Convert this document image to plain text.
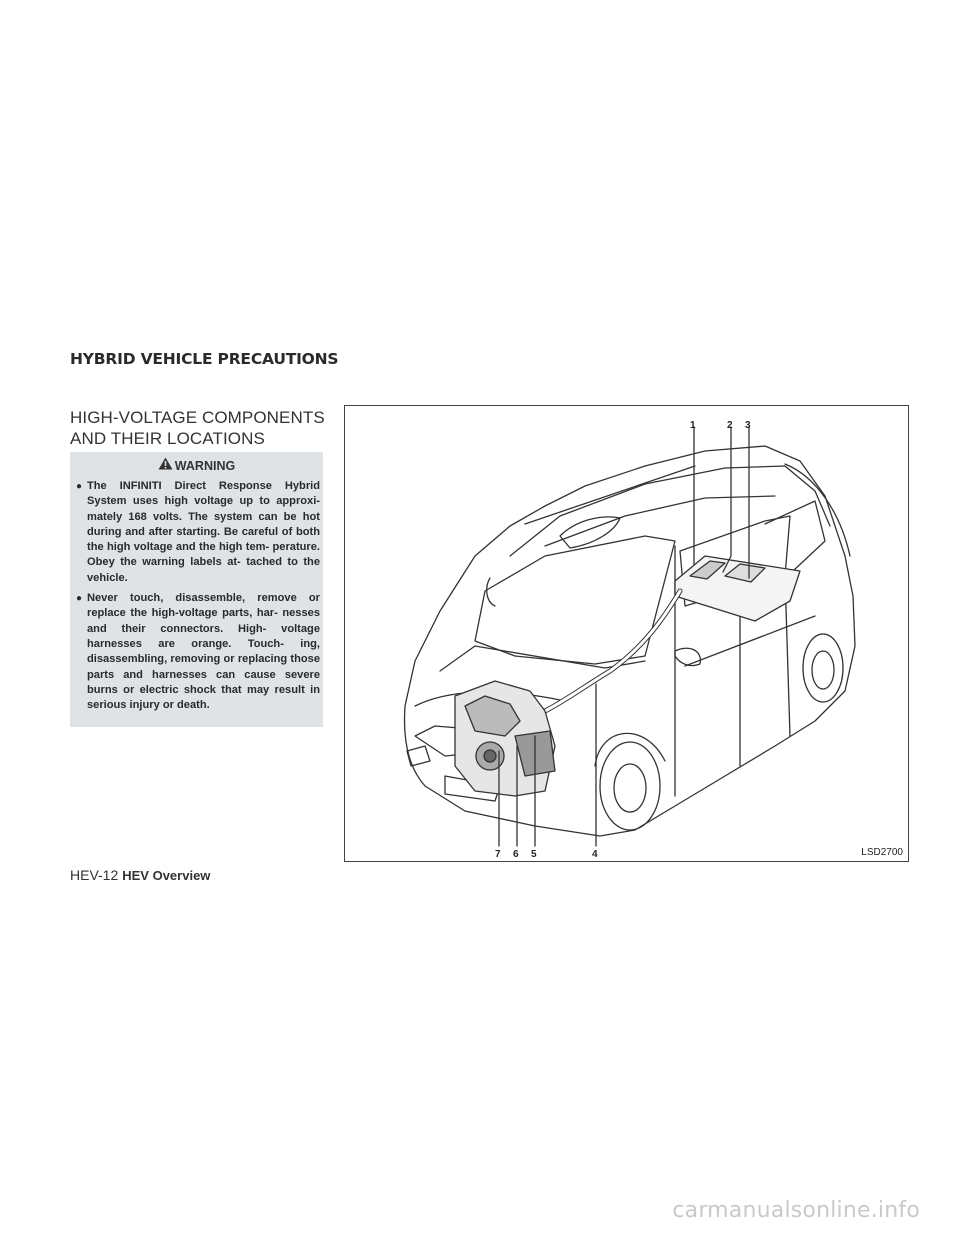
HYBRID VEHICLE PRECAUTIONS
HIGH-VOLTAGE COMPONENTS AND THEIR LOCATIONS
WARNING
● The INFINITI Direct Response Hybrid System uses high voltage up to approxi- mately 168 volts. The system can be hot during and after starting. Be careful of both the high voltage and the high tem- perature. Obey the warning labels at- tached to the vehicle.
● Never touch, disassemble, remove or replace the high-voltage parts, har- nesses and their connectors. High- voltage harnesses are orange. Touch- ing, disassembling, removing or replacing those parts and harnesses can cause severe burns or electric shock that may result in serious injury or death.
1	2 3
7 6 5	4	LSD2700
HEV-12 HEV Overview
carmanualsonline.info
